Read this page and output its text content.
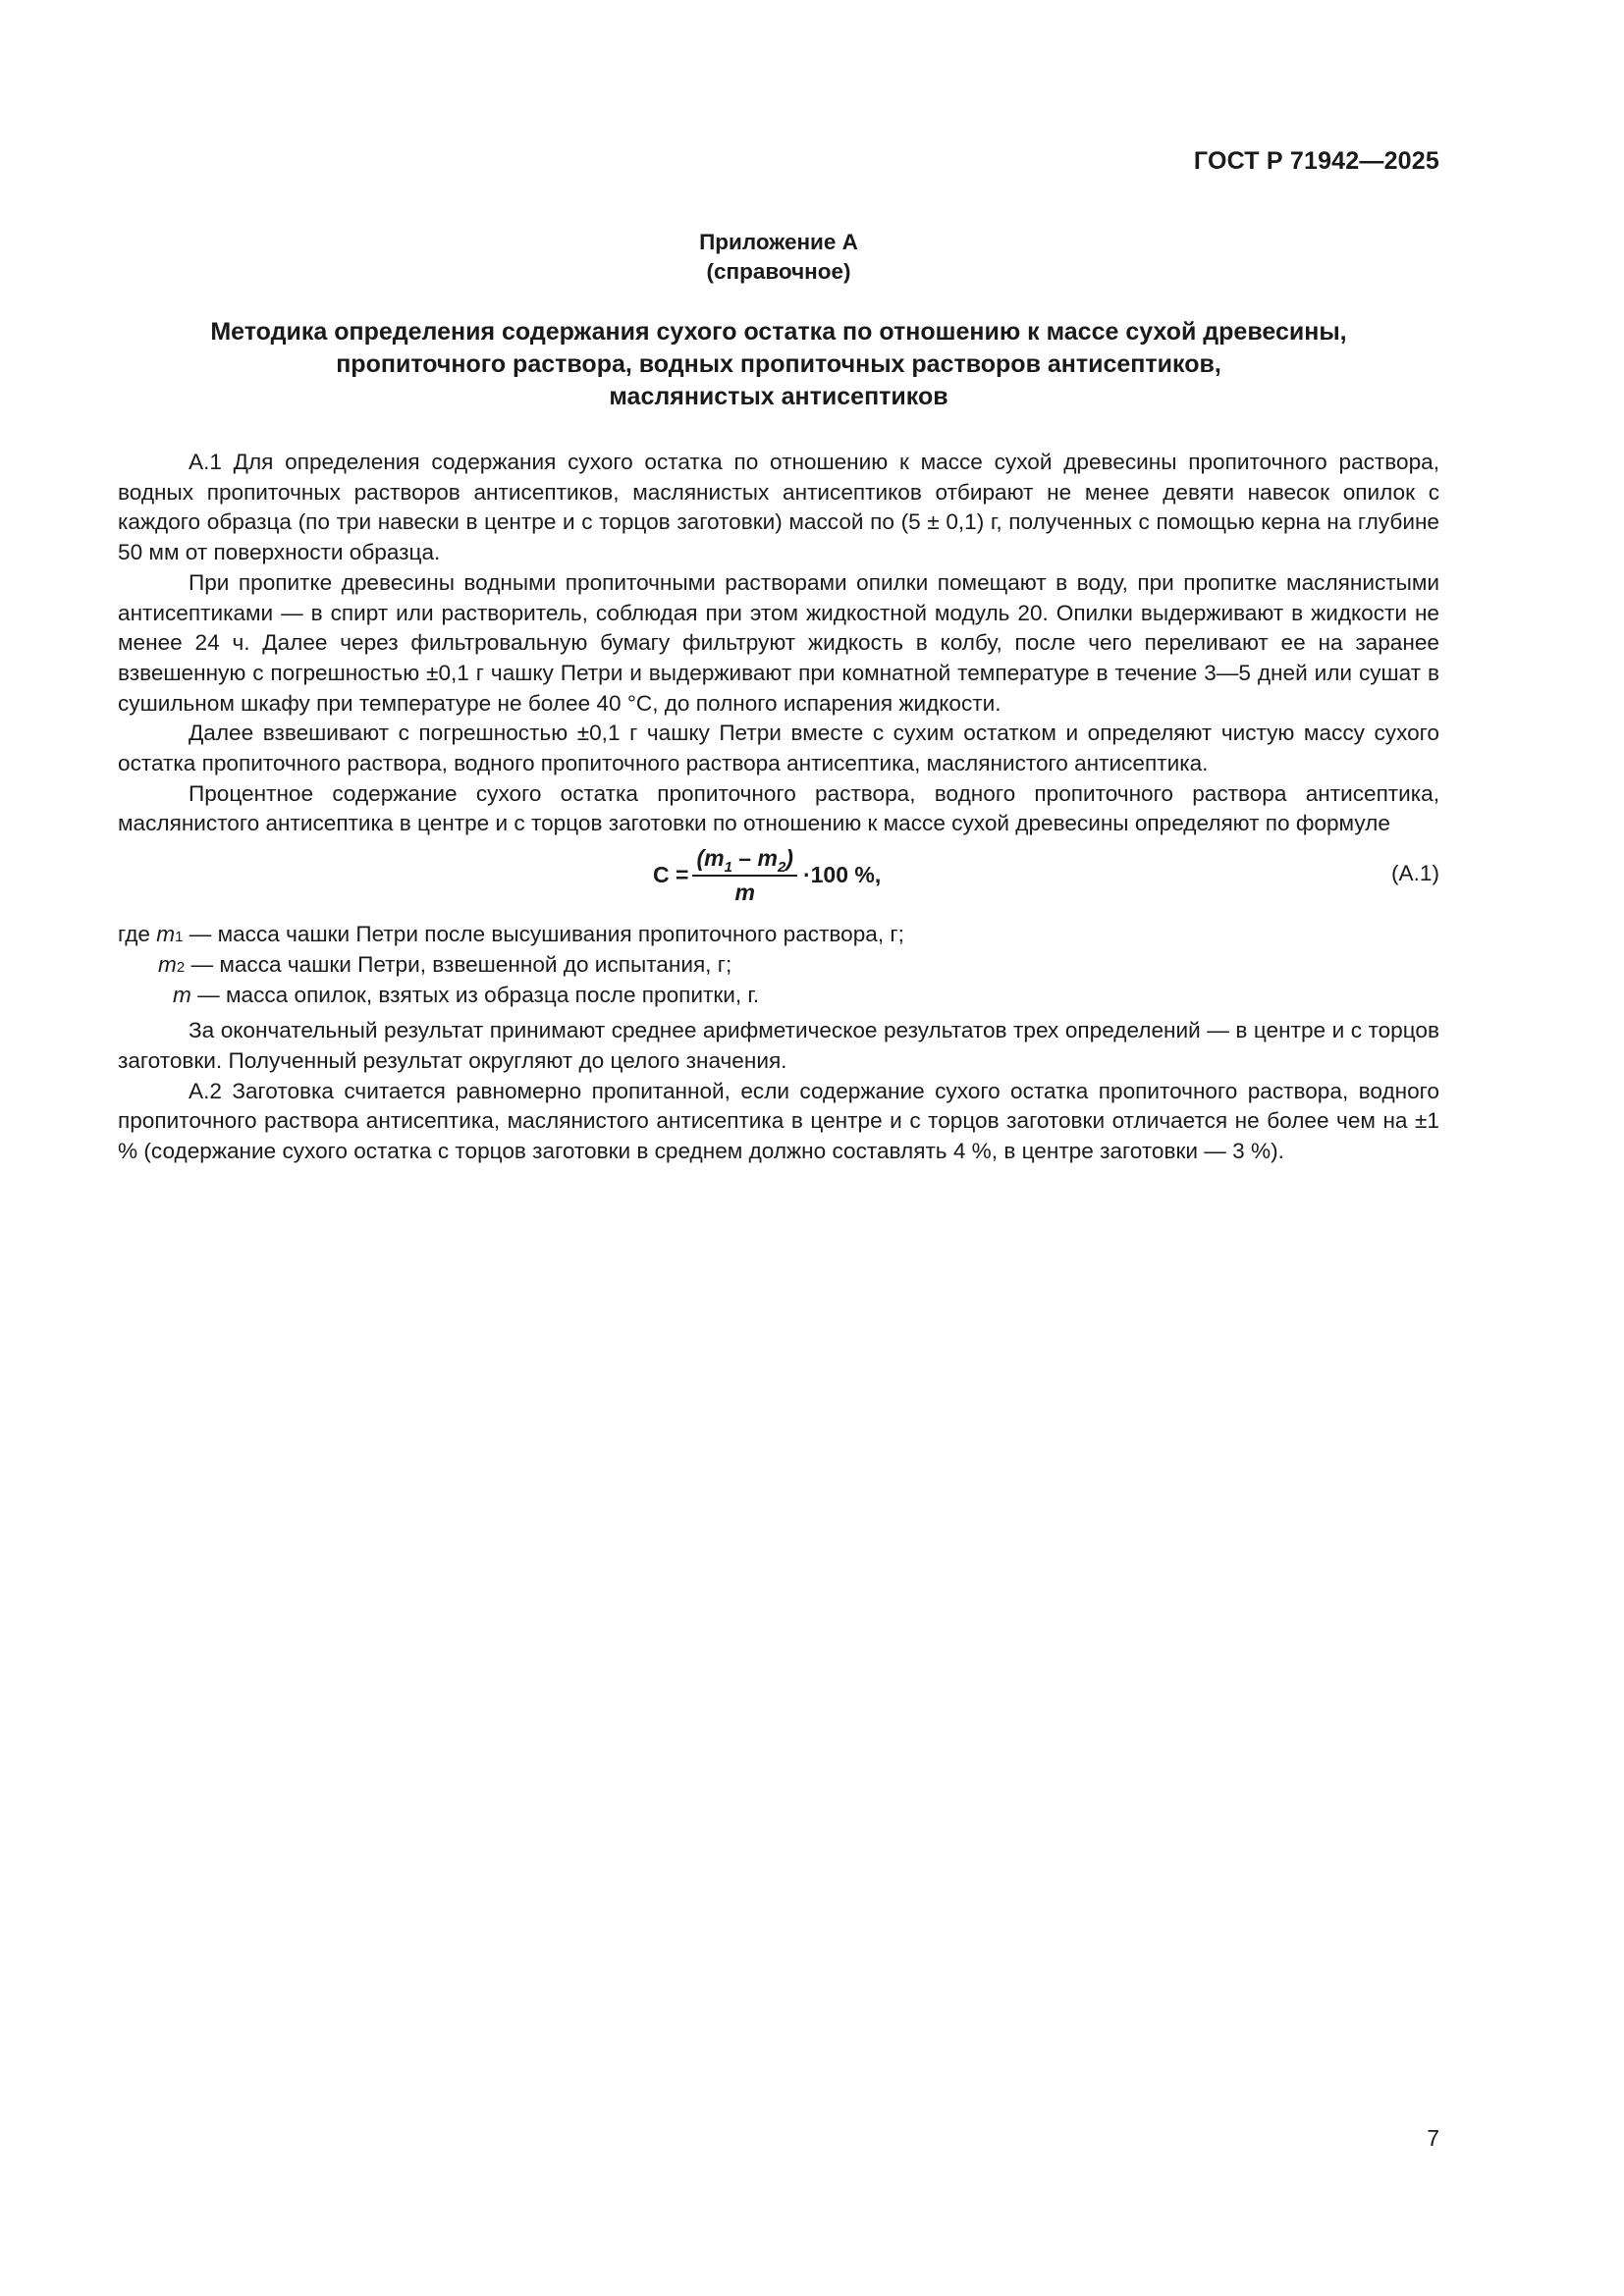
ГОСТ Р 71942—2025
Приложение А
(справочное)
Методика определения содержания сухого остатка по отношению к массе сухой древесины,
пропиточного раствора, водных пропиточных растворов антисептиков,
маслянистых антисептиков

А.1 Для определения содержания сухого остатка по отношению к массе сухой древесины пропиточного раствора, водных пропиточных растворов антисептиков, маслянистых антисептиков отбирают не менее девяти навесок опилок с каждого образца (по три навески в центре и с торцов заготовки) массой по (5 ± 0,1) г, полученных с помощью керна на глубине 50 мм от поверхности образца.

При пропитке древесины водными пропиточными растворами опилки помещают в воду, при пропитке маслянистыми антисептиками — в спирт или растворитель, соблюдая при этом жидкостной модуль 20. Опилки выдерживают в жидкости не менее 24 ч. Далее через фильтровальную бумагу фильтруют жидкость в колбу, после чего переливают ее на заранее взвешенную с погрешностью ±0,1 г чашку Петри и выдерживают при комнатной температуре в течение 3—5 дней или сушат в сушильном шкафу при температуре не более 40 °С, до полного испарения жидкости.

Далее взвешивают с погрешностью ±0,1 г чашку Петри вместе с сухим остатком и определяют чистую массу сухого остатка пропиточного раствора, водного пропиточного раствора антисептика, маслянистого антисептика.

Процентное содержание сухого остатка пропиточного раствора, водного пропиточного раствора антисептика, маслянистого антисептика в центре и с торцов заготовки по отношению к массе сухой древесины определяют по формуле

$C = \frac{(m_1 - m_2)}{m} \cdot 100$ %,	(А.1)
где m 1 — масса чашки Петри после высушивания пропиточного раствора, г;
m 2 — масса чашки Петри, взвешенной до испытания, г;
m — масса опилок, взятых из образца после пропитки, г.

За окончательный результат принимают среднее арифметическое результатов трех определений — в центре и с торцов заготовки. Полученный результат округляют до целого значения.

А.2 Заготовка считается равномерно пропитанной, если содержание сухого остатка пропиточного раствора, водного пропиточного раствора антисептика, маслянистого антисептика в центре и с торцов заготовки отличается не более чем на ±1 % (содержание сухого остатка с торцов заготовки в среднем должно составлять 4 %, в центре заготовки — 3 %).

7
